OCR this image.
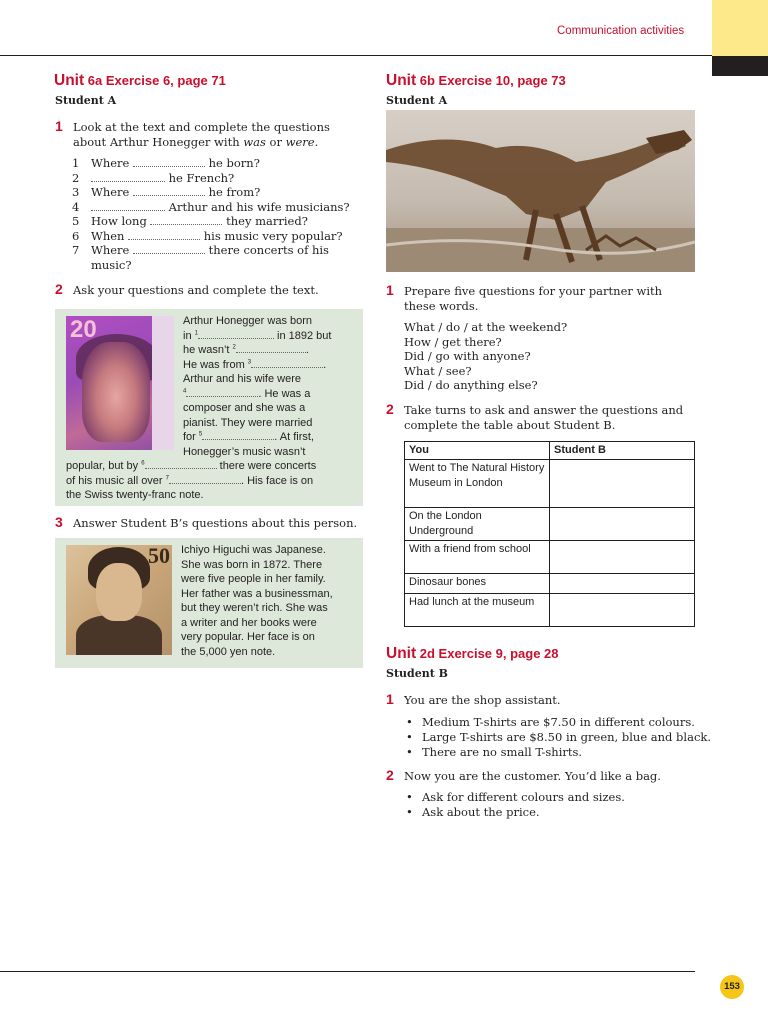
Communication activities
Unit 6a Exercise 6, page 71
Student A
1 Look at the text and complete the questions about Arthur Honegger with was or were.
1	Where	he born?
2	he French?
3	Where	he from?
4	Arthur and his wife musicians?
5	How long	they married?
6	When	his music very popular?
7	Where	there concerts of his music?
2 Ask your questions and complete the text.
20	Arthur Honegger was born
in $^1$	in 1892 but
he wasn’t $^2$	.
He was from $^3$	.
Arthur and his wife were
$^4$	. He was a
composer and she was a
pianist. They were married
for $^5$	. At first,
Honegger’s music wasn’t
popular, but by $^6$	there were concerts
of his music all over $^7$	. His face is on
the Swiss twenty-franc note.
3 Answer Student B’s questions about this person.
50 Ichiyo Higuchi was Japanese.
She was born in 1872. There
were five people in her family.
Her father was a businessman,
but they weren’t rich. She was
a writer and her books were
very popular. Her face is on
the 5,000 yen note.
Unit 6b Exercise 10, page 73
Student A
1 Prepare five questions for your partner with these words.
What / do / at the weekend?
How / get there?
Did / go with anyone?
What / see?
Did / do anything else?
2 Take turns to ask and answer the questions and complete the table about Student B.
You	Student B
Went to The Natural History Museum in London	
On the London Underground	
With a friend from school	
Dinosaur bones	
Had lunch at the museum	
Unit 2d Exercise 9, page 28
Student B
1 You are the shop assistant.
• Medium T-shirts are $7.50 in different colours.
• Large T-shirts are $8.50 in green, blue and black.
• There are no small T-shirts.
2 Now you are the customer. You’d like a bag.
• Ask for different colours and sizes.
• Ask about the price.
153
